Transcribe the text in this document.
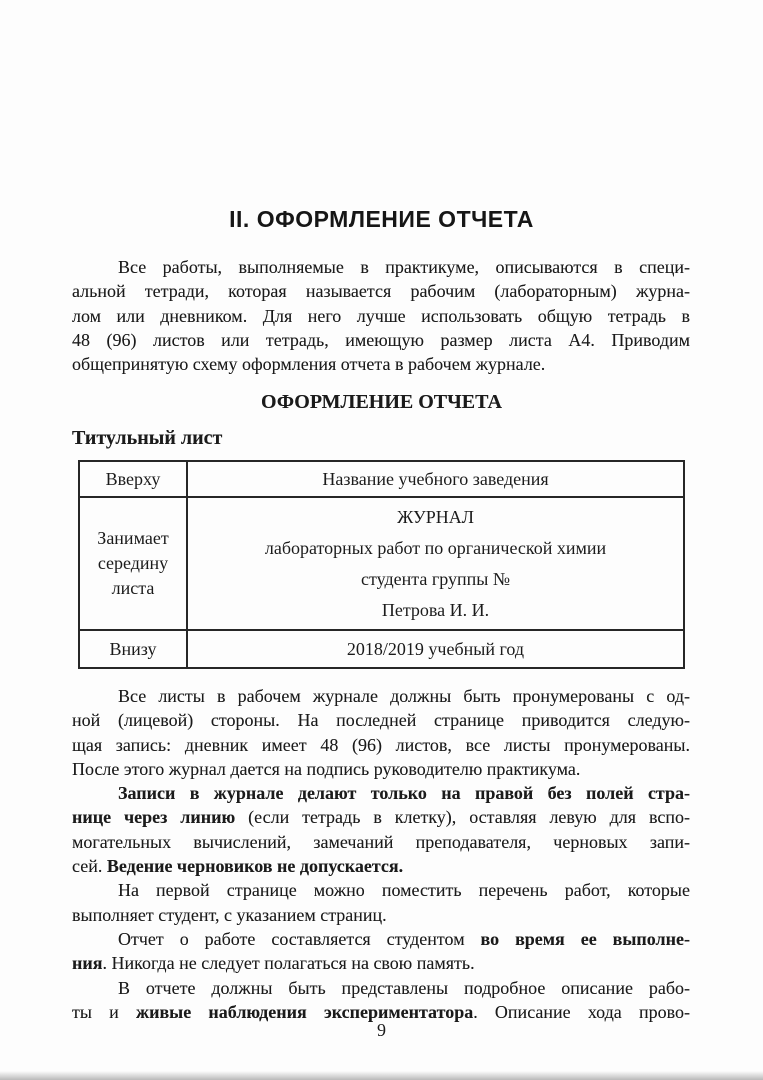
II. ОФОРМЛЕНИЕ ОТЧЕТА
Все работы, выполняемые в практикуме, описываются в специ-
альной тетради, которая называется рабочим (лабораторным) журна-
лом или дневником. Для него лучше использовать общую тетрадь в
48 (96) листов или тетрадь, имеющую размер листа А4. Приводим
общепринятую схему оформления отчета в рабочем журнале.
ОФОРМЛЕНИЕ ОТЧЕТА
Титульный лист
Вверху	Название учебного заведения
Занимает середину листа	ЖУРНАЛ
лабораторных работ по органической химии
студента группы №
Петрова И. И.

Внизу	2018/2019 учебный год
Все листы в рабочем журнале должны быть пронумерованы с од-
ной (лицевой) стороны. На последней странице приводится следую-
щая запись: дневник имеет 48 (96) листов, все листы пронумерованы.
После этого журнал дается на подпись руководителю практикума.
Записи в журнале делают только на правой без полей стра-
нице через линию (если тетрадь в клетку), оставляя левую для вспо-
могательных вычислений, замечаний преподавателя, черновых запи-
сей. Ведение черновиков не допускается.
На первой странице можно поместить перечень работ, которые
выполняет студент, с указанием страниц.
Отчет о работе составляется студентом во время ее выполне-
ния. Никогда не следует полагаться на свою память.
В отчете должны быть представлены подробное описание рабо-
ты и живые наблюдения экспериментатора. Описание хода прово-
9
